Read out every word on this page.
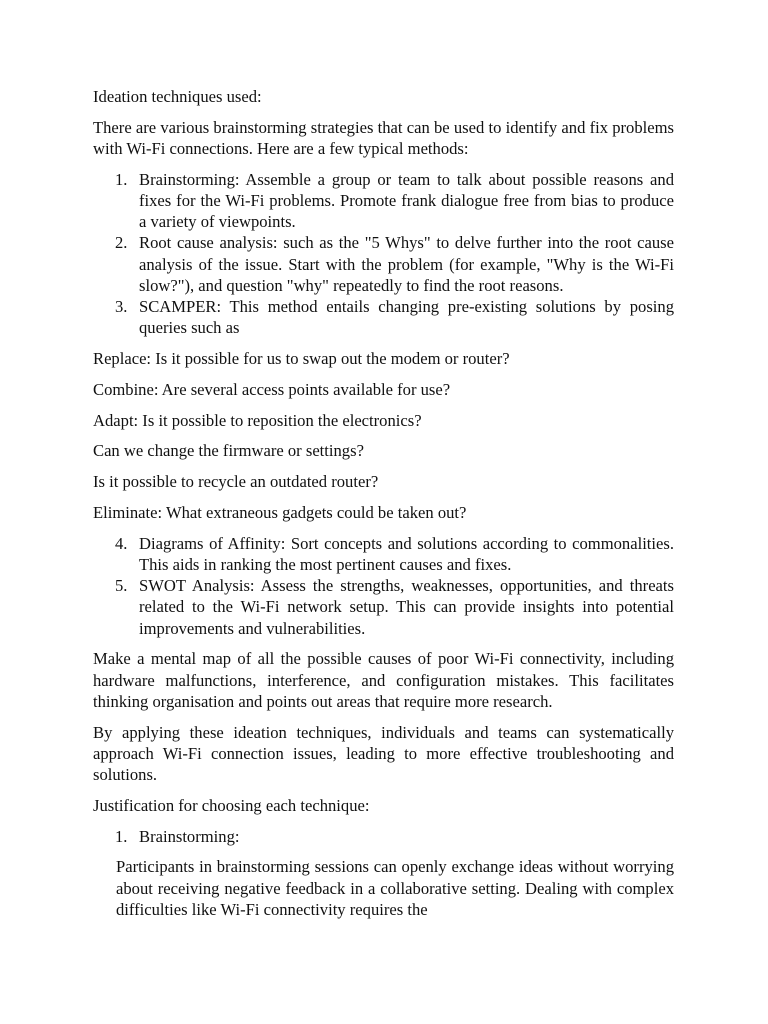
Ideation techniques used:

There are various brainstorming strategies that can be used to identify and fix problems with Wi-Fi connections. Here are a few typical methods:

1. Brainstorming: Assemble a group or team to talk about possible reasons and fixes for the Wi-Fi problems. Promote frank dialogue free from bias to produce a variety of viewpoints.
2. Root cause analysis: such as the "5 Whys" to delve further into the root cause analysis of the issue. Start with the problem (for example, "Why is the Wi-Fi slow?"), and question "why" repeatedly to find the root reasons.
3. SCAMPER: This method entails changing pre-existing solutions by posing queries such as

Replace: Is it possible for us to swap out the modem or router?

Combine: Are several access points available for use?

Adapt: Is it possible to reposition the electronics?

Can we change the firmware or settings?

Is it possible to recycle an outdated router?

Eliminate: What extraneous gadgets could be taken out?

4. Diagrams of Affinity: Sort concepts and solutions according to commonalities. This aids in ranking the most pertinent causes and fixes.
5. SWOT Analysis: Assess the strengths, weaknesses, opportunities, and threats related to the Wi-Fi network setup. This can provide insights into potential improvements and vulnerabilities.

Make a mental map of all the possible causes of poor Wi-Fi connectivity, including hardware malfunctions, interference, and configuration mistakes. This facilitates thinking organisation and points out areas that require more research.

By applying these ideation techniques, individuals and teams can systematically approach Wi-Fi connection issues, leading to more effective troubleshooting and solutions.

Justification for choosing each technique:

1. Brainstorming:

Participants in brainstorming sessions can openly exchange ideas without worrying about receiving negative feedback in a collaborative setting. Dealing with complex difficulties like Wi-Fi connectivity requires the
